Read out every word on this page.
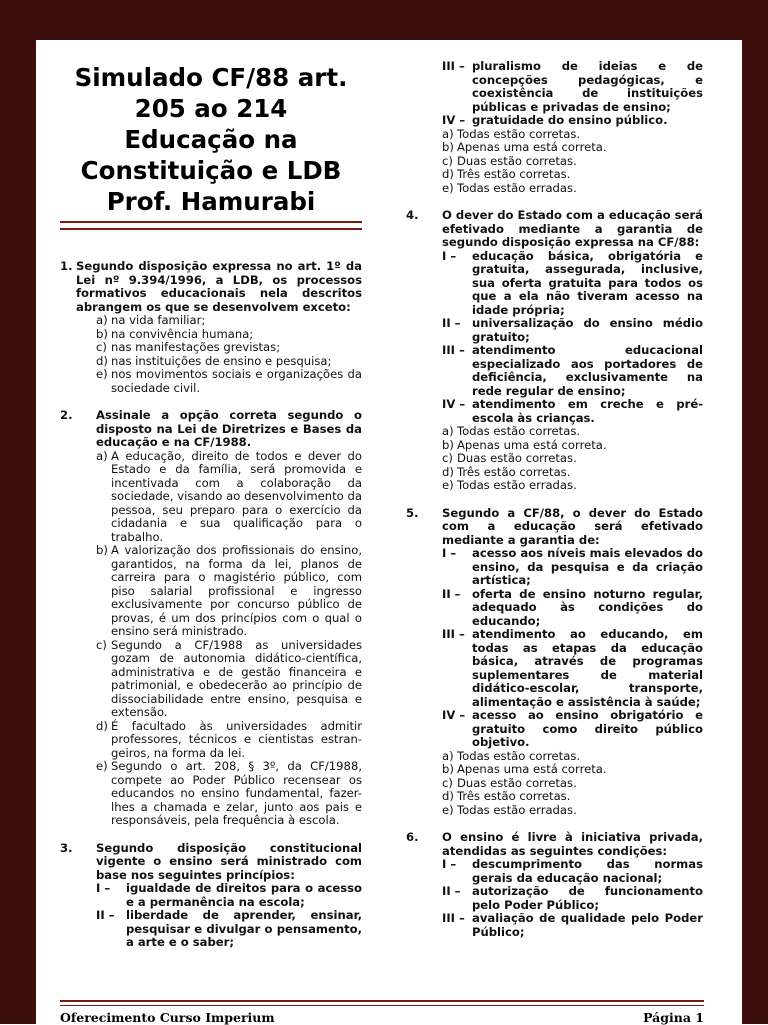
Simulado CF/88 art.
205 ao 214
Educação na
Constituição e LDB
Prof. Hamurabi
1. Segundo disposição expressa no art. 1º da Lei nº 9.394/1996, a LDB, os processos formativos educacionais nela descritos abrangem os que se desenvolvem exceto:
a) na vida familiar;
b) na convivência humana;
c) nas manifestações grevistas;
d) nas instituições de ensino e pesquisa;
e) nos movimentos sociais e organizações da sociedade civil.
2.	Assinale a opção correta segundo o disposto na Lei de Diretrizes e Bases da educação e na CF/1988.
a) A educação, direito de todos e dever do Estado e da família, será promovida e incentivada com a colaboração da sociedade, visando ao desenvolvimento da pessoa, seu preparo para o exercício da cidadania e sua qualificação para o trabalho.
b) A valorização dos profissionais do ensino, garantidos, na forma da lei, planos de carreira para o magistério público, com piso salarial profissional e ingresso exclusivamente por concurso público de provas, é um dos princípios com o qual o ensino será ministrado.
c) Segundo a CF/1988 as universidades gozam de autonomia didático-científica, administrativa e de gestão financeira e patrimonial, e obedecerão ao princípio de dissociabilidade entre ensino, pesquisa e extensão.
d) É facultado às universidades admitir professores, técnicos e cientistas estran-geiros, na forma da lei.
e) Segundo o art. 208, § 3º, da CF/1988, compete ao Poder Público recensear os educandos no ensino fundamental, fazer-lhes a chamada e zelar, junto aos pais e responsáveis, pela frequência à escola.
3.	Segundo disposição constitucional vigente o ensino será ministrado com base nos seguintes princípios:
I –	igualdade de direitos para o acesso e a permanência na escola;
II – liberdade de aprender, ensinar, pesquisar e divulgar o pensamento, a arte e o saber;
III – pluralismo de ideias e de concepções pedagógicas, e coexistência de instituições públicas e privadas de ensino;
IV – gratuidade do ensino público.
a) Todas estão corretas.
b) Apenas uma está correta.
c) Duas estão corretas.
d) Três estão corretas.
e) Todas estão erradas.
4.	O dever do Estado com a educação será efetivado mediante a garantia de segundo disposição expressa na CF/88:
I –	educação básica, obrigatória e gratuita, assegurada, inclusive, sua oferta gratuita para todos os que a ela não tiveram acesso na idade própria;
II – universalização do ensino médio gratuito;
III – atendimento educacional especializado aos portadores de deficiência, exclusivamente na rede regular de ensino;
IV – atendimento em creche e pré-escola às crianças.
a) Todas estão corretas.
b) Apenas uma está correta.
c) Duas estão corretas.
d) Três estão corretas.
e) Todas estão erradas.
5.	Segundo a CF/88, o dever do Estado com a educação será efetivado mediante a garantia de:
I –	acesso aos níveis mais elevados do ensino, da pesquisa e da criação artística;
II – oferta de ensino noturno regular, adequado às condições do educando;
III – atendimento ao educando, em todas as etapas da educação básica, através de programas suplementares de material didático-escolar, transporte, alimentação e assistência à saúde;
IV – acesso ao ensino obrigatório e gratuito como direito público objetivo.
a) Todas estão corretas.
b) Apenas uma está correta.
c) Duas estão corretas.
d) Três estão corretas.
e) Todas estão erradas.
6.	O ensino é livre à iniciativa privada, atendidas as seguintes condições:
I –	descumprimento das normas gerais da educação nacional;
II – autorização de funcionamento pelo Poder Público;
III – avaliação de qualidade pelo Poder Público;
Oferecimento Curso Imperium	Página 1
